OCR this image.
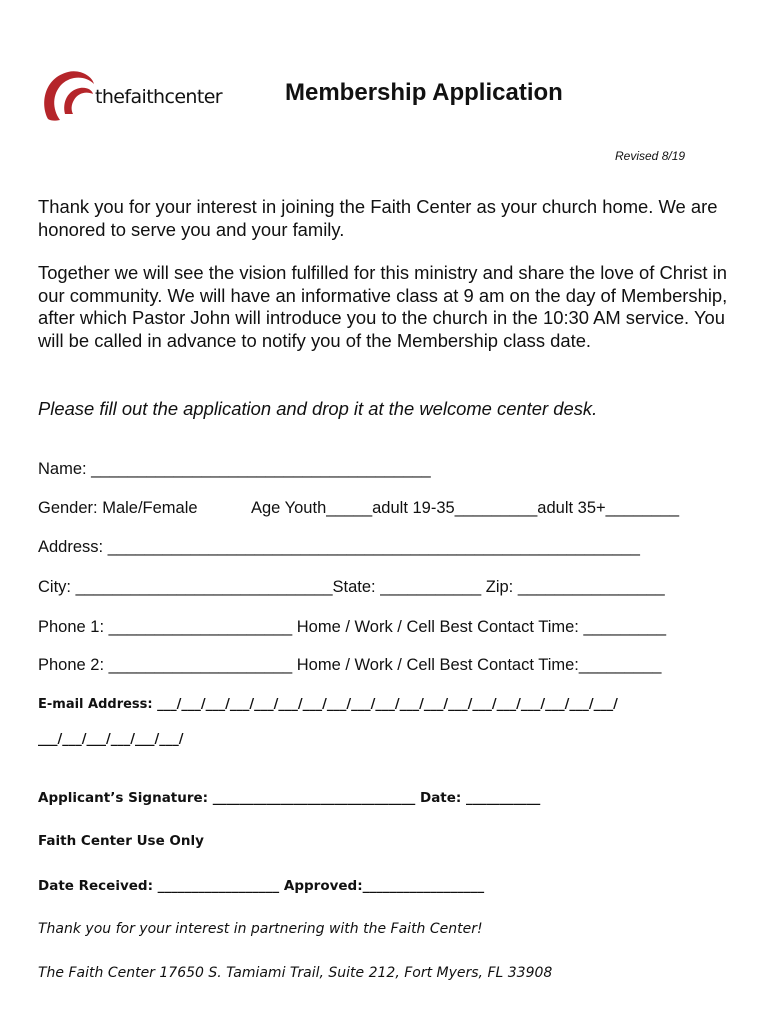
thefaithcenter	Membership Application
Revised 8/19

Thank you for your interest in joining the Faith Center as your church home. We are honored to serve you and your family.

Together we will see the vision fulfilled for this ministry and share the love of Christ in our community. We will have an informative class at 9 am on the day of Membership, after which Pastor John will introduce you to the church in the 10:30 AM service. You will be called in advance to notify you of the Membership class date.

Please fill out the application and drop it at the welcome center desk.

Name: _____________________________________
Gender: Male/Female	Age Youth_____adult 19-35_________adult 35+________
Address: __________________________________________________________
City: ____________________________State: ___________ Zip: ________________
Phone 1: ____________________ Home / Work / Cell Best Contact Time: _________
Phone 2: ____________________ Home / Work / Cell Best Contact Time:_________
E-mail Address: ___/___/___/___/___/___/___/___/___/___/___/___/___/___/___/___/___/___/___/
___/___/___/___/___/___/
Applicant’s Signature: ______________________________ Date: ___________
Faith Center Use Only
Date Received: __________________ Approved:__________________
Thank you for your interest in partnering with the Faith Center!
The Faith Center 17650 S. Tamiami Trail, Suite 212, Fort Myers, FL 33908
